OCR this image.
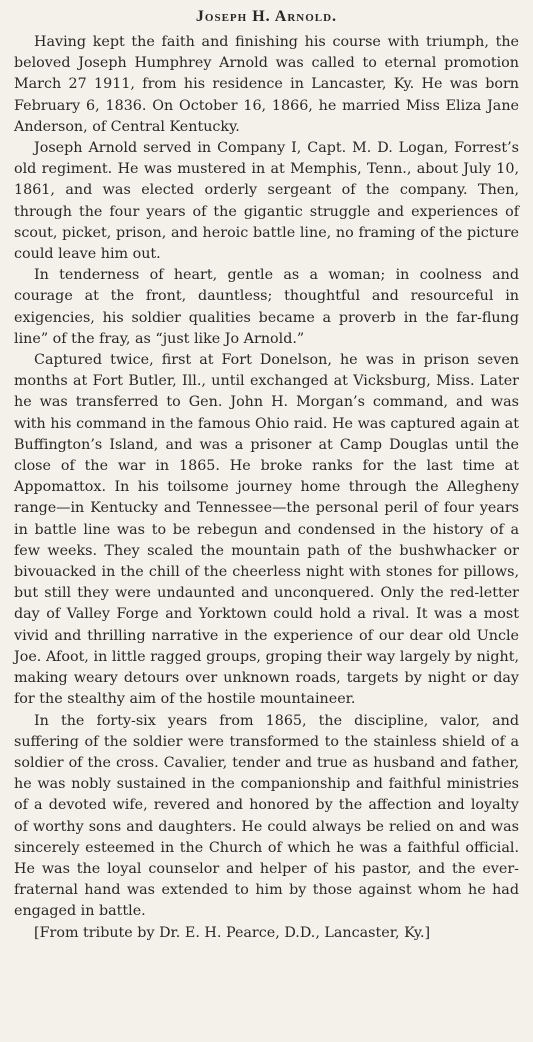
Joseph H. Arnold.

Having kept the faith and finishing his course with triumph, the beloved Joseph Humphrey Arnold was called to eternal promotion March 27 1911, from his residence in Lancaster, Ky. He was born February 6, 1836. On October 16, 1866, he married Miss Eliza Jane Anderson, of Central Kentucky.

Joseph Arnold served in Company I, Capt. M. D. Logan, Forrest’s old regiment. He was mustered in at Memphis, Tenn., about July 10, 1861, and was elected orderly sergeant of the company. Then, through the four years of the gigantic struggle and experiences of scout, picket, prison, and heroic battle line, no framing of the picture could leave him out.

In tenderness of heart, gentle as a woman; in coolness and courage at the front, dauntless; thoughtful and resourceful in exigencies, his soldier qualities became a proverb in the far-flung line” of the fray, as “just like Jo Arnold.”

Captured twice, first at Fort Donelson, he was in prison seven months at Fort Butler, Ill., until exchanged at Vicksburg, Miss. Later he was transferred to Gen. John H. Morgan’s command, and was with his command in the famous Ohio raid. He was captured again at Buffington’s Island, and was a prisoner at Camp Douglas until the close of the war in 1865. He broke ranks for the last time at Appomattox. In his toilsome journey home through the Allegheny range—in Kentucky and Tennessee—the personal peril of four years in battle line was to be rebegun and condensed in the history of a few weeks. They scaled the mountain path of the bushwhacker or bivouacked in the chill of the cheerless night with stones for pillows, but still they were undaunted and unconquered. Only the red-letter day of Valley Forge and Yorktown could hold a rival. It was a most vivid and thrilling narrative in the experience of our dear old Uncle Joe. Afoot, in little ragged groups, groping their way largely by night, making weary detours over unknown roads, targets by night or day for the stealthy aim of the hostile mountaineer.

In the forty-six years from 1865, the discipline, valor, and suffering of the soldier were transformed to the stainless shield of a soldier of the cross. Cavalier, tender and true as husband and father, he was nobly sustained in the companionship and faithful ministries of a devoted wife, revered and honored by the affection and loyalty of worthy sons and daughters. He could always be relied on and was sincerely esteemed in the Church of which he was a faithful official. He was the loyal counselor and helper of his pastor, and the ever-fraternal hand was extended to him by those against whom he had engaged in battle.

[From tribute by Dr. E. H. Pearce, D.D., Lancaster, Ky.]
